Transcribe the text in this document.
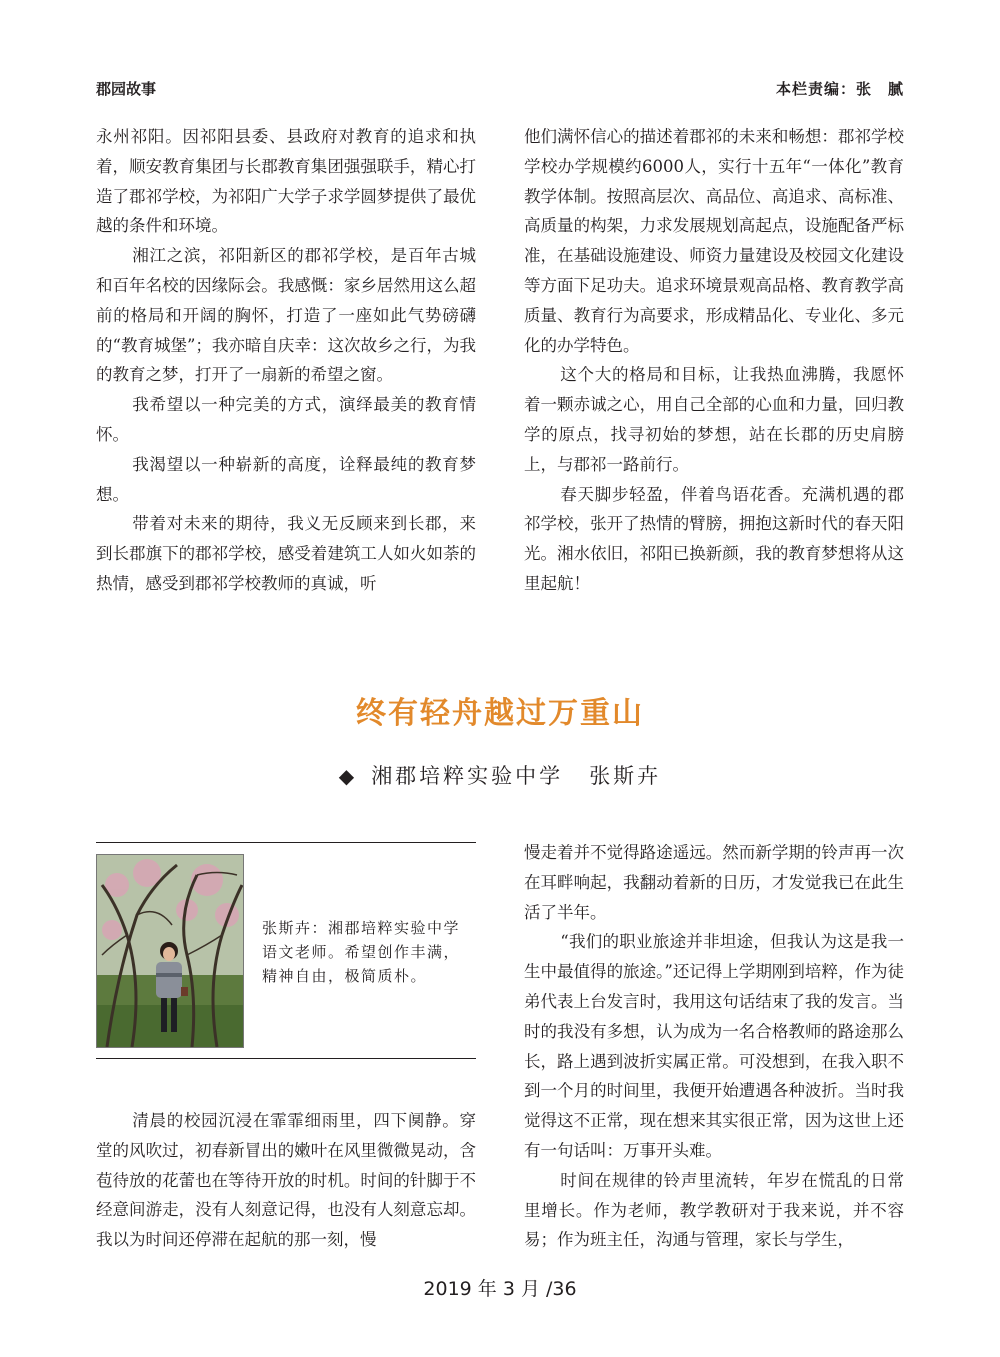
郡园故事	本栏责编：张　腻

永州祁阳。因祁阳县委、县政府对教育的追求和执着，顺安教育集团与长郡教育集团强强联手，精心打造了郡祁学校，为祁阳广大学子求学圆梦提供了最优越的条件和环境。

湘江之滨，祁阳新区的郡祁学校，是百年古城和百年名校的因缘际会。我感慨：家乡居然用这么超前的格局和开阔的胸怀，打造了一座如此气势磅礴的“教育城堡”；我亦暗自庆幸：这次故乡之行，为我的教育之梦，打开了一扇新的希望之窗。

我希望以一种完美的方式，演绎最美的教育情怀。

我渴望以一种崭新的高度，诠释最纯的教育梦想。

带着对未来的期待，我义无反顾来到长郡，来到长郡旗下的郡祁学校，感受着建筑工人如火如荼的热情，感受到郡祁学校教师的真诚，听

他们满怀信心的描述着郡祁的未来和畅想：郡祁学校学校办学规模约6000人，实行十五年“一体化”教育教学体制。按照高层次、高品位、高追求、高标准、高质量的构架，力求发展规划高起点，设施配备严标准，在基础设施建设、师资力量建设及校园文化建设等方面下足功夫。追求环境景观高品格、教育教学高质量、教育行为高要求，形成精品化、专业化、多元化的办学特色。

这个大的格局和目标，让我热血沸腾，我愿怀着一颗赤诚之心，用自己全部的心血和力量，回归教学的原点，找寻初始的梦想，站在长郡的历史肩膀上，与郡祁一路前行。

春天脚步轻盈，伴着鸟语花香。充满机遇的郡祁学校，张开了热情的臂膀，拥抱这新时代的春天阳光。湘水依旧，祁阳已换新颜，我的教育梦想将从这里起航！

终有轻舟越过万重山
◆ 湘郡培粹实验中学 张斯卉
张斯卉：湘郡培粹实验中学语文老师。希望创作丰满，精神自由，极简质朴。

清晨的校园沉浸在霏霏细雨里，四下阒静。穿堂的风吹过，初春新冒出的嫩叶在风里微微晃动，含苞待放的花蕾也在等待开放的时机。时间的针脚于不经意间游走，没有人刻意记得，也没有人刻意忘却。我以为时间还停滞在起航的那一刻，慢

慢走着并不觉得路途遥远。然而新学期的铃声再一次在耳畔响起，我翻动着新的日历，才发觉我已在此生活了半年。

“我们的职业旅途并非坦途，但我认为这是我一生中最值得的旅途。”还记得上学期刚到培粹，作为徒弟代表上台发言时，我用这句话结束了我的发言。当时的我没有多想，认为成为一名合格教师的路途那么长，路上遇到波折实属正常。可没想到，在我入职不到一个月的时间里，我便开始遭遇各种波折。当时我觉得这不正常，现在想来其实很正常，因为这世上还有一句话叫：万事开头难。

时间在规律的铃声里流转，年岁在慌乱的日常里增长。作为老师，教学教研对于我来说，并不容易；作为班主任，沟通与管理，家长与学生，

2019 年 3 月 /36
